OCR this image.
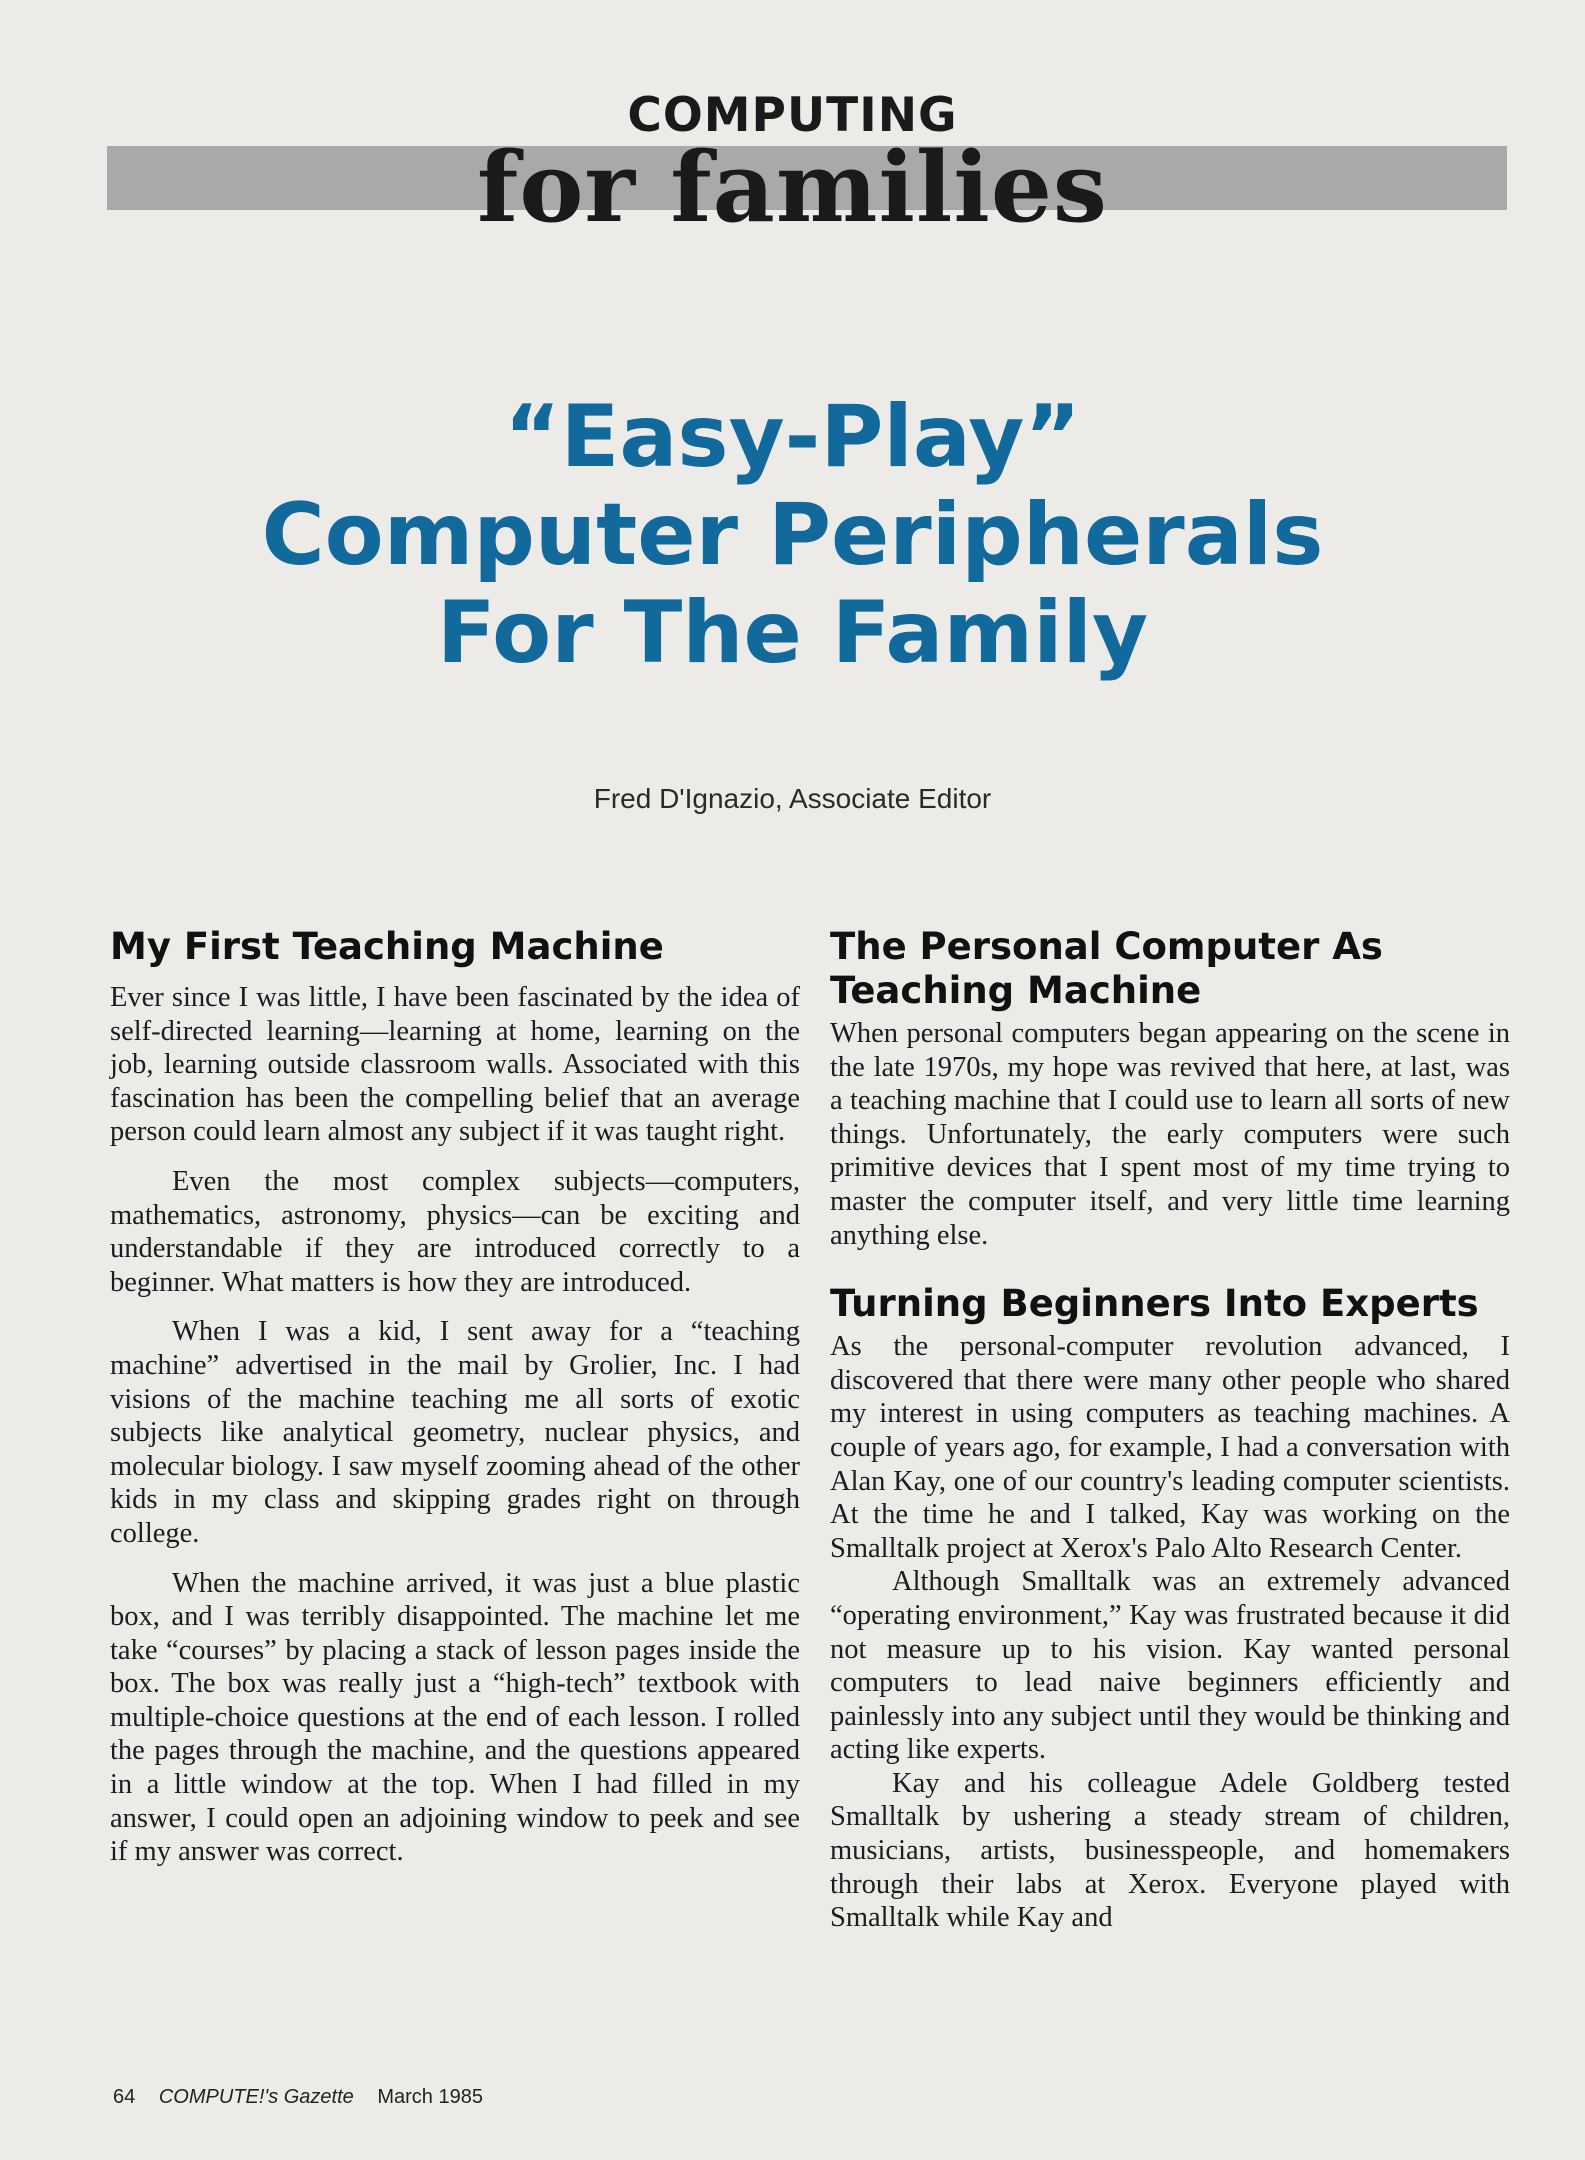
COMPUTING
for families
“Easy-Play”
Computer Peripherals
For The Family
Fred D'Ignazio, Associate Editor
My First Teaching Machine

Ever since I was little, I have been fascinated by the idea of self-directed learning—learning at home, learning on the job, learning outside classroom walls. Associated with this fascination has been the compelling belief that an average person could learn almost any subject if it was taught right.

Even the most complex subjects—computers, mathematics, astronomy, physics—can be exciting and understandable if they are introduced correctly to a beginner. What matters is how they are introduced.

When I was a kid, I sent away for a “teaching machine” advertised in the mail by Grolier, Inc. I had visions of the machine teaching me all sorts of exotic subjects like analytical geometry, nuclear physics, and molecular biology. I saw myself zooming ahead of the other kids in my class and skipping grades right on through college.

When the machine arrived, it was just a blue plastic box, and I was terribly disappointed. The machine let me take “courses” by placing a stack of lesson pages inside the box. The box was really just a “high-tech” textbook with multiple-choice questions at the end of each lesson. I rolled the pages through the machine, and the questions appeared in a little window at the top. When I had filled in my answer, I could open an adjoining window to peek and see if my answer was correct.

The Personal Computer As Teaching Machine

When personal computers began appearing on the scene in the late 1970s, my hope was revived that here, at last, was a teaching machine that I could use to learn all sorts of new things. Unfortunately, the early computers were such primitive devices that I spent most of my time trying to master the computer itself, and very little time learning anything else.

Turning Beginners Into Experts

As the personal-computer revolution advanced, I discovered that there were many other people who shared my interest in using computers as teaching machines. A couple of years ago, for example, I had a conversation with Alan Kay, one of our country's leading computer scientists. At the time he and I talked, Kay was working on the Smalltalk project at Xerox's Palo Alto Research Center.

Although Smalltalk was an extremely advanced “operating environment,” Kay was frustrated because it did not measure up to his vision. Kay wanted personal computers to lead naive beginners efficiently and painlessly into any subject until they would be thinking and acting like experts.

Kay and his colleague Adele Goldberg tested Smalltalk by ushering a steady stream of children, musicians, artists, businesspeople, and homemakers through their labs at Xerox. Everyone played with Smalltalk while Kay and

64 COMPUTE!'s Gazette March 1985
